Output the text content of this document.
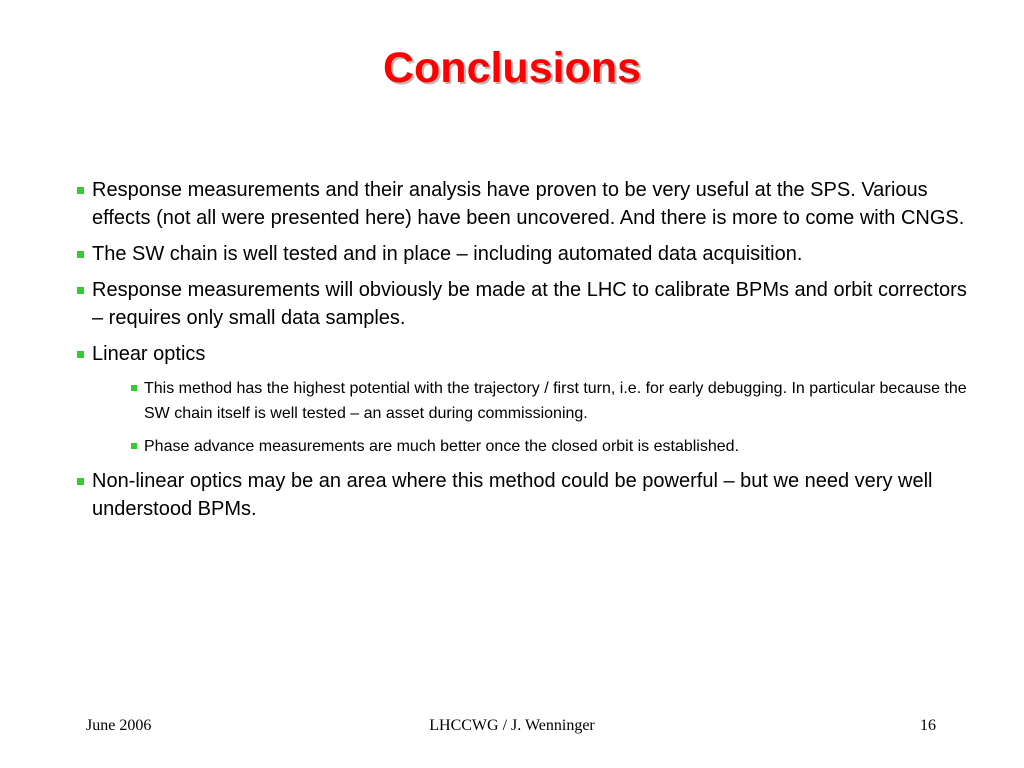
Conclusions
Response measurements and their analysis have proven to be very useful at the SPS. Various effects (not all were presented here) have been uncovered. And there is more to come with CNGS.
The SW chain is well tested and in place – including automated data acquisition.
Response measurements will obviously be made at the LHC to calibrate BPMs and orbit correctors – requires only small data samples.
Linear optics
This method has the highest potential with the trajectory / first turn, i.e. for early debugging. In particular because the SW chain itself is well tested – an asset during commissioning.
Phase advance measurements are much better once the closed orbit is established.
Non-linear optics may be an area where this method could be powerful – but we need very well understood BPMs.
June 2006	LHCCWG / J. Wenninger	16
